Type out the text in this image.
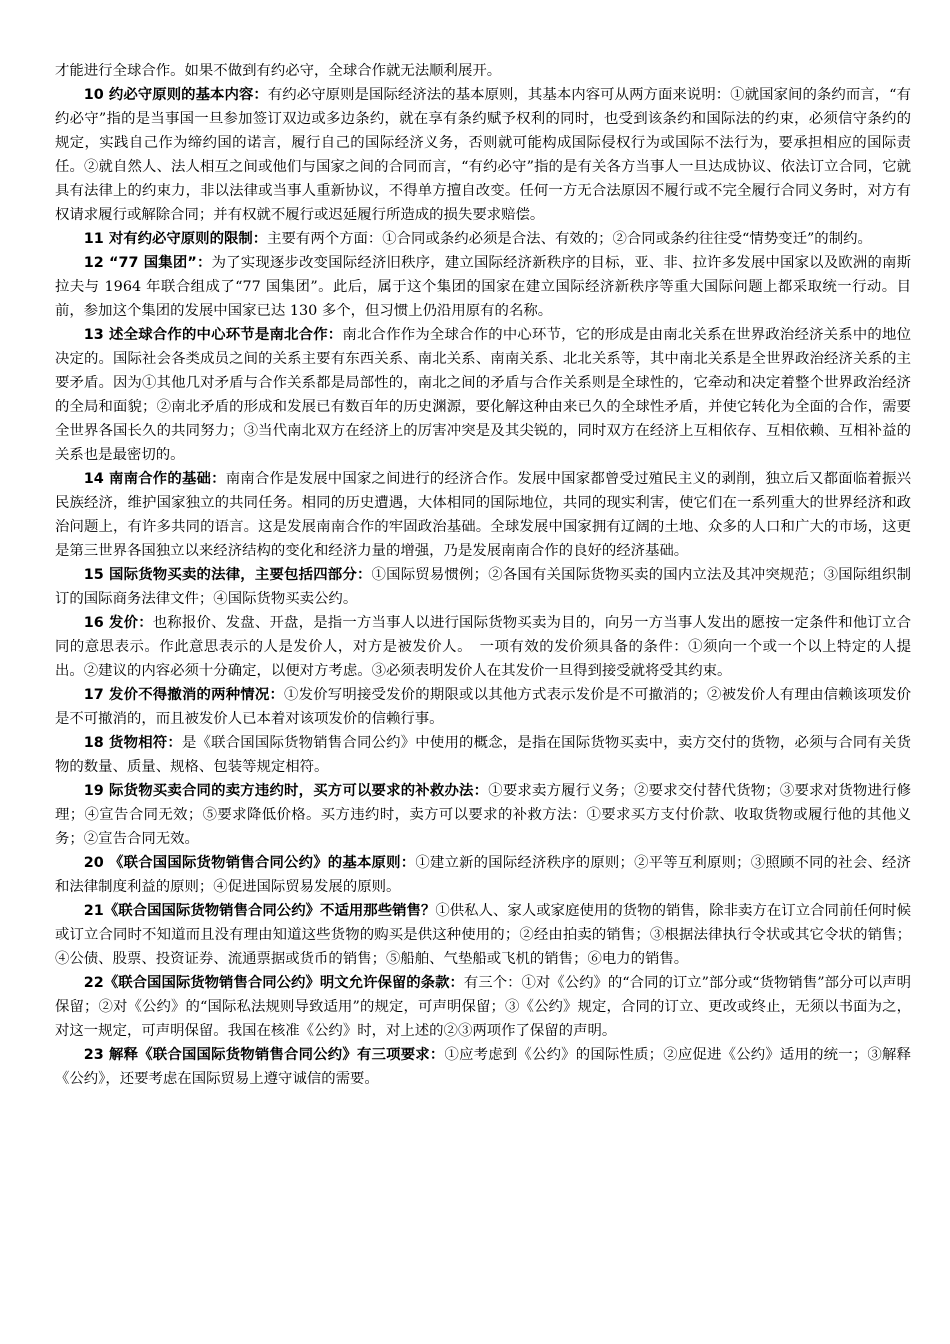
才能进行全球合作。如果不做到有约必守，全球合作就无法顺利展开。

10 约必守原则的基本内容：有约必守原则是国际经济法的基本原则，其基本内容可从两方面来说明：①就国家间的条约而言，“有约必守”指的是当事国一旦参加签订双边或多边条约，就在享有条约赋予权利的同时，也受到该条约和国际法的约束，必须信守条约的规定，实践自己作为缔约国的诺言，履行自己的国际经济义务，否则就可能构成国际侵权行为或国际不法行为，要承担相应的国际责任。②就自然人、法人相互之间或他们与国家之间的合同而言，“有约必守”指的是有关各方当事人一旦达成协议、依法订立合同，它就具有法律上的约束力，非以法律或当事人重新协议，不得单方擅自改变。任何一方无合法原因不履行或不完全履行合同义务时，对方有权请求履行或解除合同；并有权就不履行或迟延履行所造成的损失要求赔偿。

11 对有约必守原则的限制：主要有两个方面：①合同或条约必须是合法、有效的；②合同或条约往往受“情势变迁”的制约。

12 “77 国集团”：为了实现逐步改变国际经济旧秩序，建立国际经济新秩序的目标，亚、非、拉许多发展中国家以及欧洲的南斯拉夫与 1964 年联合组成了“77 国集团”。此后，属于这个集团的国家在建立国际经济新秩序等重大国际问题上都采取统一行动。目前，参加这个集团的发展中国家已达 130 多个，但习惯上仍沿用原有的名称。

13 述全球合作的中心环节是南北合作：南北合作作为全球合作的中心环节，它的形成是由南北关系在世界政治经济关系中的地位决定的。国际社会各类成员之间的关系主要有东西关系、南北关系、南南关系、北北关系等，其中南北关系是全世界政治经济关系的主要矛盾。因为①其他几对矛盾与合作关系都是局部性的，南北之间的矛盾与合作关系则是全球性的，它牵动和决定着整个世界政治经济的全局和面貌；②南北矛盾的形成和发展已有数百年的历史渊源，要化解这种由来已久的全球性矛盾，并使它转化为全面的合作，需要全世界各国长久的共同努力；③当代南北双方在经济上的厉害冲突是及其尖锐的，同时双方在经济上互相依存、互相依赖、互相补益的关系也是最密切的。

14 南南合作的基础：南南合作是发展中国家之间进行的经济合作。发展中国家都曾受过殖民主义的剥削，独立后又都面临着振兴民族经济，维护国家独立的共同任务。相同的历史遭遇，大体相同的国际地位，共同的现实利害，使它们在一系列重大的世界经济和政治问题上，有许多共同的语言。这是发展南南合作的牢固政治基础。全球发展中国家拥有辽阔的土地、众多的人口和广大的市场，这更是第三世界各国独立以来经济结构的变化和经济力量的增强，乃是发展南南合作的良好的经济基础。

15 国际货物买卖的法律，主要包括四部分：①国际贸易惯例；②各国有关国际货物买卖的国内立法及其冲突规范；③国际组织制订的国际商务法律文件；④国际货物买卖公约。

16 发价：也称报价、发盘、开盘，是指一方当事人以进行国际货物买卖为目的，向另一方当事人发出的愿按一定条件和他订立合同的意思表示。作此意思表示的人是发价人，对方是被发价人。　一项有效的发价须具备的条件：①须向一个或一个以上特定的人提出。②建议的内容必须十分确定，以便对方考虑。③必须表明发价人在其发价一旦得到接受就将受其约束。

17 发价不得撤消的两种情况：①发价写明接受发价的期限或以其他方式表示发价是不可撤消的；②被发价人有理由信赖该项发价是不可撤消的，而且被发价人已本着对该项发价的信赖行事。

18 货物相符：是《联合国国际货物销售合同公约》中使用的概念，是指在国际货物买卖中，卖方交付的货物，必须与合同有关货物的数量、质量、规格、包装等规定相符。

19 际货物买卖合同的卖方违约时，买方可以要求的补救办法：①要求卖方履行义务；②要求交付替代货物；③要求对货物进行修理；④宣告合同无效；⑤要求降低价格。买方违约时，卖方可以要求的补救方法：①要求买方支付价款、收取货物或履行他的其他义务；②宣告合同无效。

20 《联合国国际货物销售合同公约》的基本原则：①建立新的国际经济秩序的原则；②平等互利原则；③照顾不同的社会、经济和法律制度利益的原则；④促进国际贸易发展的原则。

21《联合国国际货物销售合同公约》不适用那些销售？①供私人、家人或家庭使用的货物的销售，除非卖方在订立合同前任何时候或订立合同时不知道而且没有理由知道这些货物的购买是供这种使用的；②经由拍卖的销售；③根据法律执行令状或其它令状的销售；④公债、股票、投资证券、流通票据或货币的销售；⑤船舶、气垫船或飞机的销售；⑥电力的销售。

22《联合国国际货物销售合同公约》明文允许保留的条款：有三个：①对《公约》的“合同的订立”部分或“货物销售”部分可以声明保留；②对《公约》的“国际私法规则导致适用”的规定，可声明保留；③《公约》规定，合同的订立、更改或终止，无须以书面为之，对这一规定，可声明保留。我国在核准《公约》时，对上述的②③两项作了保留的声明。

23 解释《联合国国际货物销售合同公约》有三项要求：①应考虑到《公约》的国际性质；②应促进《公约》适用的统一；③解释《公约》，还要考虑在国际贸易上遵守诚信的需要。
